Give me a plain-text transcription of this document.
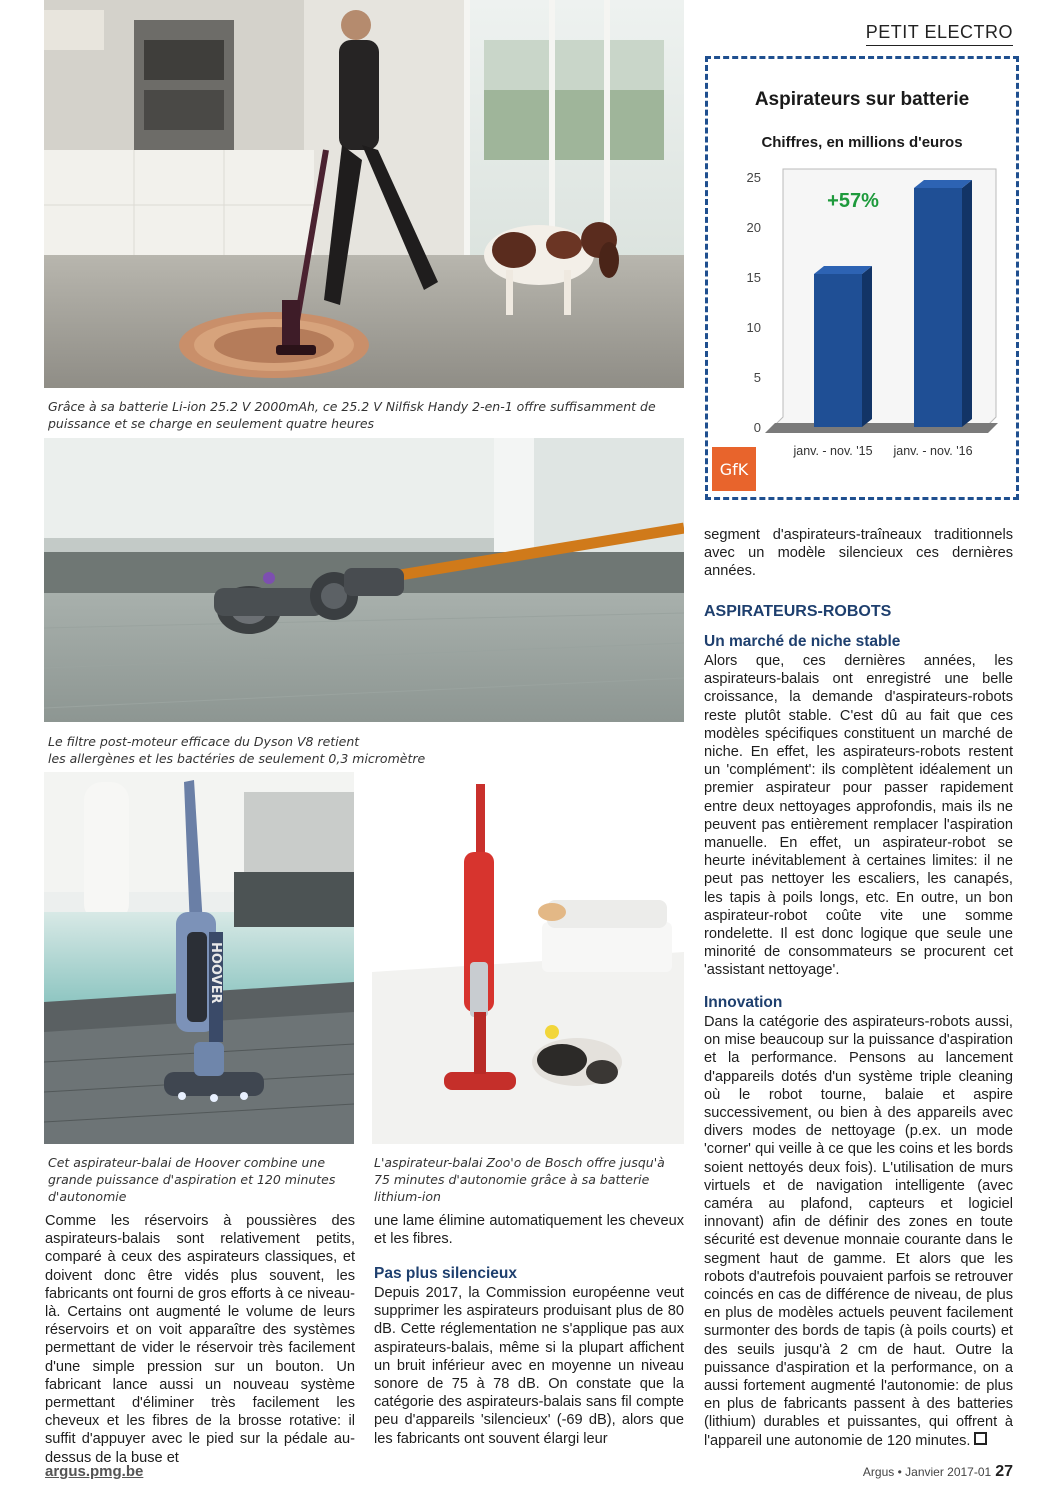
PETIT ELECTRO
Grâce à sa batterie Li-ion 25.2 V 2000mAh, ce 25.2 V Nilfisk Handy 2-en-1 offre suffisamment de puissance et se charge en seulement quatre heures
Le filtre post-moteur efficace du Dyson V8 retient
les allergènes et les bactéries de seulement 0,3 micromètre
HOOVER
Cet aspirateur-balai de Hoover combine une grande puissance d'aspiration et 120 minutes d'autonomie
L'aspirateur-balai Zoo'o de Bosch offre jusqu'à 75 minutes d'autonomie grâce à sa batterie lithium-ion
Aspirateurs sur batterie
Chiffres, en millions d'euros
0
5
10
15
20
25
janv. - nov. '15 janv. - nov. '16
+57%
GfK
Comme les réservoirs à poussières des aspirateurs-balais sont relativement petits, comparé à ceux des aspirateurs classiques, et doivent donc être vidés plus souvent, les fabricants ont fourni de gros efforts à ce niveau-là. Certains ont augmenté le volume de leurs réservoirs et on voit apparaître des systèmes permettant de vider le réservoir très facilement d'une simple pression sur un bouton. Un fabricant lance aussi un nouveau système permettant d'éliminer très facilement les cheveux et les fibres de la brosse rotative: il suffit d'appuyer avec le pied sur la pédale au-dessus de la buse et
une lame élimine automatiquement les cheveux et les fibres.
Pas plus silencieux
Depuis 2017, la Commission européenne veut supprimer les aspirateurs produisant plus de 80 dB. Cette réglementation ne s'applique pas aux aspirateurs-balais, même si la plupart affichent un bruit inférieur avec en moyenne un niveau sonore de 75 à 78 dB. On constate que la catégorie des aspirateurs-balais sans fil compte peu d'appareils 'silencieux' (-69 dB), alors que les fabricants ont souvent élargi leur
segment d'aspirateurs-traîneaux traditionnels avec un modèle silencieux ces dernières années.
ASPIRATEURS-ROBOTS
Un marché de niche stable
Alors que, ces dernières années, les aspirateurs-balais ont enregistré une belle croissance, la demande d'aspirateurs-robots reste plutôt stable. C'est dû au fait que ces modèles spécifiques constituent un marché de niche. En effet, les aspirateurs-robots restent un 'complément': ils complètent idéalement un premier aspirateur pour passer rapidement entre deux nettoyages approfondis, mais ils ne peuvent pas entièrement remplacer l'aspiration manuelle. En effet, un aspirateur-robot se heurte inévitablement à certaines limites: il ne peut pas nettoyer les escaliers, les canapés, les tapis à poils longs, etc. En outre, un bon aspirateur-robot coûte vite une somme rondelette. Il est donc logique que seule une minorité de consommateurs se procurent cet 'assistant nettoyage'.
Innovation
Dans la catégorie des aspirateurs-robots aussi, on mise beaucoup sur la puissance d'aspiration et la performance. Pensons au lancement d'appareils dotés d'un système triple cleaning où le robot tourne, balaie et aspire successivement, ou bien à des appareils avec divers modes de nettoyage (p.ex. un mode 'corner' qui veille à ce que les coins et les bords soient nettoyés deux fois). L'utilisation de murs virtuels et de navigation intelligente (avec caméra au plafond, capteurs et logiciel innovant) afin de définir des zones en toute sécurité est devenue monnaie courante dans le segment haut de gamme. Et alors que les robots d'autrefois pouvaient parfois se retrouver coincés en cas de différence de niveau, de plus en plus de modèles actuels peuvent facilement surmonter des bords de tapis (à poils courts) et des seuils jusqu'à 2 cm de haut. Outre la puissance d'aspiration et la performance, on a aussi fortement augmenté l'autonomie: de plus en plus de fabricants passent à des batteries (lithium) durables et puissantes, qui offrent à l'appareil une autonomie de 120 minutes.
argus.pmg.be	Argus • Janvier 2017-01 27
